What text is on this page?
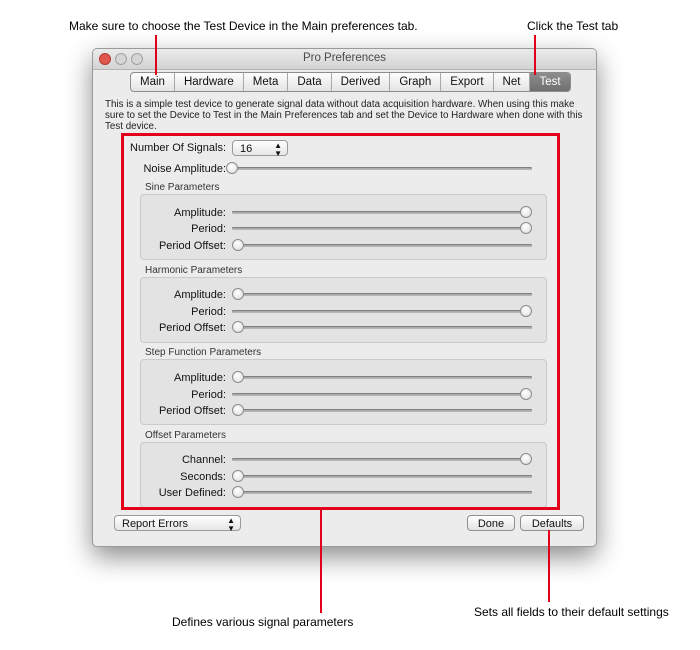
Make sure to choose the Test Device in the Main preferences tab.	Click the Test tab
Defines various signal parameters
Sets all fields to their default settings
Pro Preferences
Main	Hardware	Meta	Data	Derived	Graph	Export	Net	Test
This is a simple test device to generate signal data without data acquisition hardware. When using this make sure to set the Device to Test in the Main Preferences tab and set the Device to Hardware when done with this Test device.
Number Of Signals:	16	▲
▼
Noise Amplitude:
Sine Parameters
Amplitude:
Period:
Period Offset:
Harmonic Parameters
Amplitude:
Period:
Period Offset:
Step Function Parameters
Amplitude:
Period:
Period Offset:
Offset Parameters
Channel:
Seconds:
User Defined:
Report Errors	▲
▼	Done	Defaults
